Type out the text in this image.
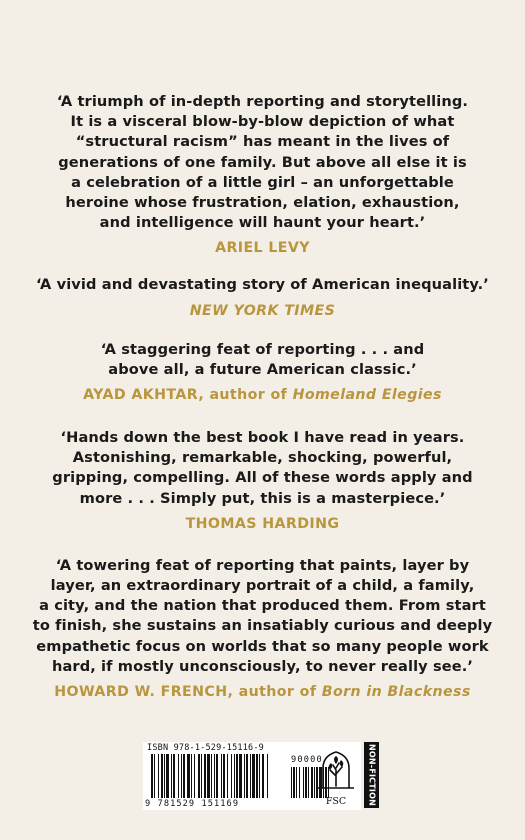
‘A triumph of in-depth reporting and storytelling.
It is a visceral blow-by-blow depiction of what
“structural racism” has meant in the lives of
generations of one family. But above all else it is
a celebration of a little girl – an unforgettable
heroine whose frustration, elation, exhaustion,
and intelligence will haunt your heart.’

ARIEL LEVY

‘A vivid and devastating story of American inequality.’

NEW YORK TIMES

‘A staggering feat of reporting . . . and
above all, a future American classic.’

AYAD AKHTAR, author of Homeland Elegies

‘Hands down the best book I have read in years.
Astonishing, remarkable, shocking, powerful,
gripping, compelling. All of these words apply and
more . . . Simply put, this is a masterpiece.’

THOMAS HARDING

‘A towering feat of reporting that paints, layer by
layer, an extraordinary portrait of a child, a family,
a city, and the nation that produced them. From start
to finish, she sustains an insatiably curious and deeply
empathetic focus on worlds that so many people work
hard, if mostly unconsciously, to never really see.’

HOWARD W. FRENCH, author of Born in Blackness
ISBN 978-1-529-15116-9
9 781529 151169
90000
FSC	NON-FICTION
